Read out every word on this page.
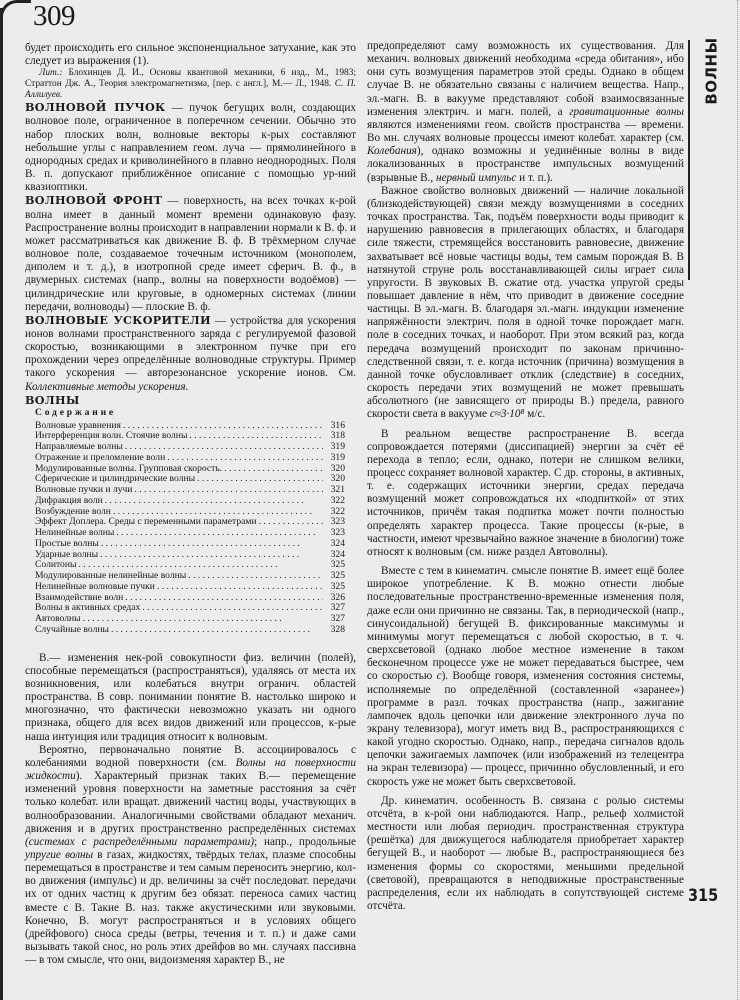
309
ВОЛНЫ

будет происходить его сильное экспоненциальное затухание, как это следует из выражения (1).

Лит.: Блохинцев Д. И., Основы квантовой механики, 6 изд., М., 1983; Страттон Дж. А., Теория электромагнетизма, [пер. с англ.], М.— Л., 1948. С. П. Аллилуев.

ВОЛНОВОЙ ПУЧОК — пучок бегущих волн, создающих волновое поле, ограниченное в поперечном сечении. Обычно это набор плоских волн, волновые векторы к-рых составляют небольшие углы с направлением геом. луча — прямолинейного в однородных средах и криволинейного в плавно неоднородных. Поля В. п. допускают приближённое описание с помощью ур-ний квазиоптики.

ВОЛНОВОЙ ФРОНТ — поверхность, на всех точках к-рой волна имеет в данный момент времени одинаковую фазу. Распространение волны происходит в направлении нормали к В. ф. и может рассматриваться как движение В. ф. В трёхмерном случае волновое поле, создаваемое точечным источником (монополем, диполем и т. д.), в изотропной среде имеет сферич. В. ф., в двумерных системах (напр., волны на поверхности водоёмов) — цилиндрические или круговые, в одномерных системах (линии передачи, волноводы) — плоские В. ф.

ВОЛНОВЫЕ УСКОРИТЕЛИ — устройства для ускорения ионов волнами пространственного заряда с регулируемой фазовой скоростью, возникающими в электронном пучке при его прохождении через определённые волноводные структуры. Пример такого ускорения — авторезонансное ускорение ионов. См. Коллективные методы ускорения.

ВОЛНЫ

Содержание
Волновые уравнения . . .	316
Интерференция волн. Стоячие волны . . .	318
Направляемые волны . . .	319
Отражение и преломление волн . . .	319
Модулированные волны. Групповая скорость. . . .	320
Сферические и цилиндрические волны . . .	320
Волновые пучки и лучи . . .	321
Дифракция волн . . .	322
Возбуждение волн . . .	322
Эффект Доплера. Среды с переменными параметрами . . .	323
Нелинейные волны . . .	323
Простые волны . . .	324
Ударные волны . . .	324
Солитоны . . .	325
Модулированные нелинейные волны . . .	325
Нелинейные волновые пучки . . .	325
Взаимодействие волн . . .	326
Волны в активных средах . . .	327
Автоволны . . .	327
Случайные волны . . .	328

В.— изменения нек-рой совокупности физ. величин (полей), способные перемещаться (распространяться), удаляясь от места их возникновения, или колебаться внутри огранич. областей пространства. В совр. понимании понятие В. настолько широко и многозначно, что фактически невозможно указать ни одного признака, общего для всех видов движений или процессов, к-рые наша интуиция или традиция относит к волновым.

Вероятно, первоначально понятие В. ассоциировалось с колебаниями водной поверхности (см. Волны на поверхности жидкости). Характерный признак таких В.— перемещение изменений уровня поверхности на заметные расстояния за счёт только колебат. или вращат. движений частиц воды, участвующих в волнообразовании. Аналогичными свойствами обладают механич. движения и в других пространственно распределённых системах (системах с распределёнными параметрами); напр., продольные упругие волны в газах, жидкостях, твёрдых телах, плазме способны перемещаться в пространстве и тем самым переносить энергию, кол-во движения (импульс) и др. величины за счёт последоват. передачи их от одних частиц к другим без обязат. переноса самих частиц вместе с В. Такие В. наз. также акустическими или звуковыми. Конечно, В. могут распространяться и в условиях общего (дрейфового) сноса среды (ветры, течения и т. п.) и даже сами вызывать такой снос, но роль этих дрейфов во мн. случаях пассивна — в том смысле, что они, видоизменяя характер В., не

предопределяют саму возможность их существования. Для механич. волновых движений необходима «среда обитания», ибо они суть возмущения параметров этой среды. Однако в общем случае В. не обязательно связаны с наличием вещества. Напр., эл.-магн. В. в вакууме представляют собой взаимосвязанные изменения электрич. и магн. полей, а гравитационные волны являются изменениями геом. свойств пространства — времени. Во мн. случаях волновые процессы имеют колебат. характер (см. Колебания), однако возможны и уединённые волны в виде локализованных в пространстве импульсных возмущений (взрывные В., нервный импульс и т. п.).

Важное свойство волновых движений — наличие локальной (близкодействующей) связи между возмущениями в соседних точках пространства. Так, подъём поверхности воды приводит к нарушению равновесия в прилегающих областях, и благодаря силе тяжести, стремящейся восстановить равновесие, движение захватывает всё новые частицы воды, тем самым порождая В. В натянутой струне роль восстанавливающей силы играет сила упругости. В звуковых В. сжатие отд. участка упругой среды повышает давление в нём, что приводит в движение соседние частицы. В эл.-магн. В. благодаря эл.-магн. индукции изменение напряжённости электрич. поля в одной точке порождает магн. поле в соседних точках, и наоборот. При этом всякий раз, когда передача возмущений происходит по законам причинно-следственной связи, т. е. когда источник (причина) возмущения в данной точке обусловливает отклик (следствие) в соседних, скорость передачи этих возмущений не может превышать абсолютного (не зависящего от природы В.) предела, равного скорости света в вакууме c≈3·10⁸ м/с.

В реальном веществе распространение В. всегда сопровождается потерями (диссипацией) энергии за счёт её перехода в тепло; если, однако, потери не слишком велики, процесс сохраняет волновой характер. С др. стороны, в активных, т. е. содержащих источники энергии, средах передача возмущений может сопровождаться их «подпиткой» от этих источников, причём такая подпитка может почти полностью определять характер процесса. Такие процессы (к-рые, в частности, имеют чрезвычайно важное значение в биологии) тоже относят к волновым (см. ниже раздел Автоволны).

Вместе с тем в кинематич. смысле понятие В. имеет ещё более широкое употребление. К В. можно отнести любые последовательные пространственно-временные изменения поля, даже если они причинно не связаны. Так, в периодической (напр., синусоидальной) бегущей В. фиксированные максимумы и минимумы могут перемещаться с любой скоростью, в т. ч. сверхсветовой (однако любое местное изменение в таком бесконечном процессе уже не может передаваться быстрее, чем со скоростью c). Вообще говоря, изменения состояния системы, исполняемые по определённой (составленной «заранее») программе в разл. точках пространства (напр., зажигание лампочек вдоль цепочки или движение электронного луча по экрану телевизора), могут иметь вид В., распространяющихся с какой угодно скоростью. Однако, напр., передача сигналов вдоль цепочки зажигаемых лампочек (или изображений из телецентра на экран телевизора) — процесс, причинно обусловленный, и его скорость уже не может быть сверхсветовой.

Др. кинематич. особенность В. связана с ролью системы отсчёта, в к-рой они наблюдаются. Напр., рельеф холмистой местности или любая периодич. пространственная структура (решётка) для движущегося наблюдателя приобретает характер бегущей В., и наоборот — любые В., распространяющиеся без изменения формы со скоростями, меньшими предельной (световой), превращаются в неподвижные пространственные распределения, если их наблюдать в сопутствующей системе отсчёта.	315
